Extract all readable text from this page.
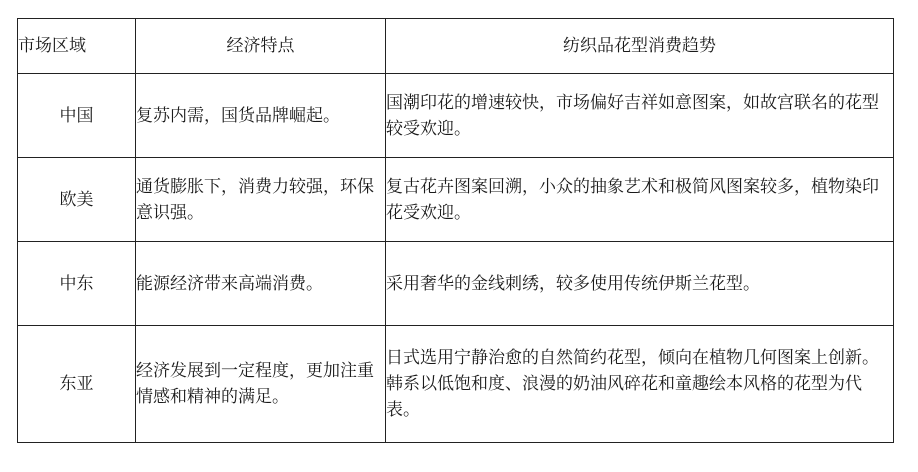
市场区域	经济特点	纺织品花型消费趋势
中国	复苏内需，国货品牌崛起。	国潮印花的增速较快，市场偏好吉祥如意图案，如故宫联名的花型较受欢迎。
欧美	通货膨胀下，消费力较强，环保意识强。	复古花卉图案回溯，小众的抽象艺术和极简风图案较多，植物染印花受欢迎。
中东	能源经济带来高端消费。	采用奢华的金线刺绣，较多使用传统伊斯兰花型。
东亚	经济发展到一定程度，更加注重情感和精神的满足。	日式选用宁静治愈的自然简约花型，倾向在植物几何图案上创新。韩系以低饱和度、浪漫的奶油风碎花和童趣绘本风格的花型为代表。
